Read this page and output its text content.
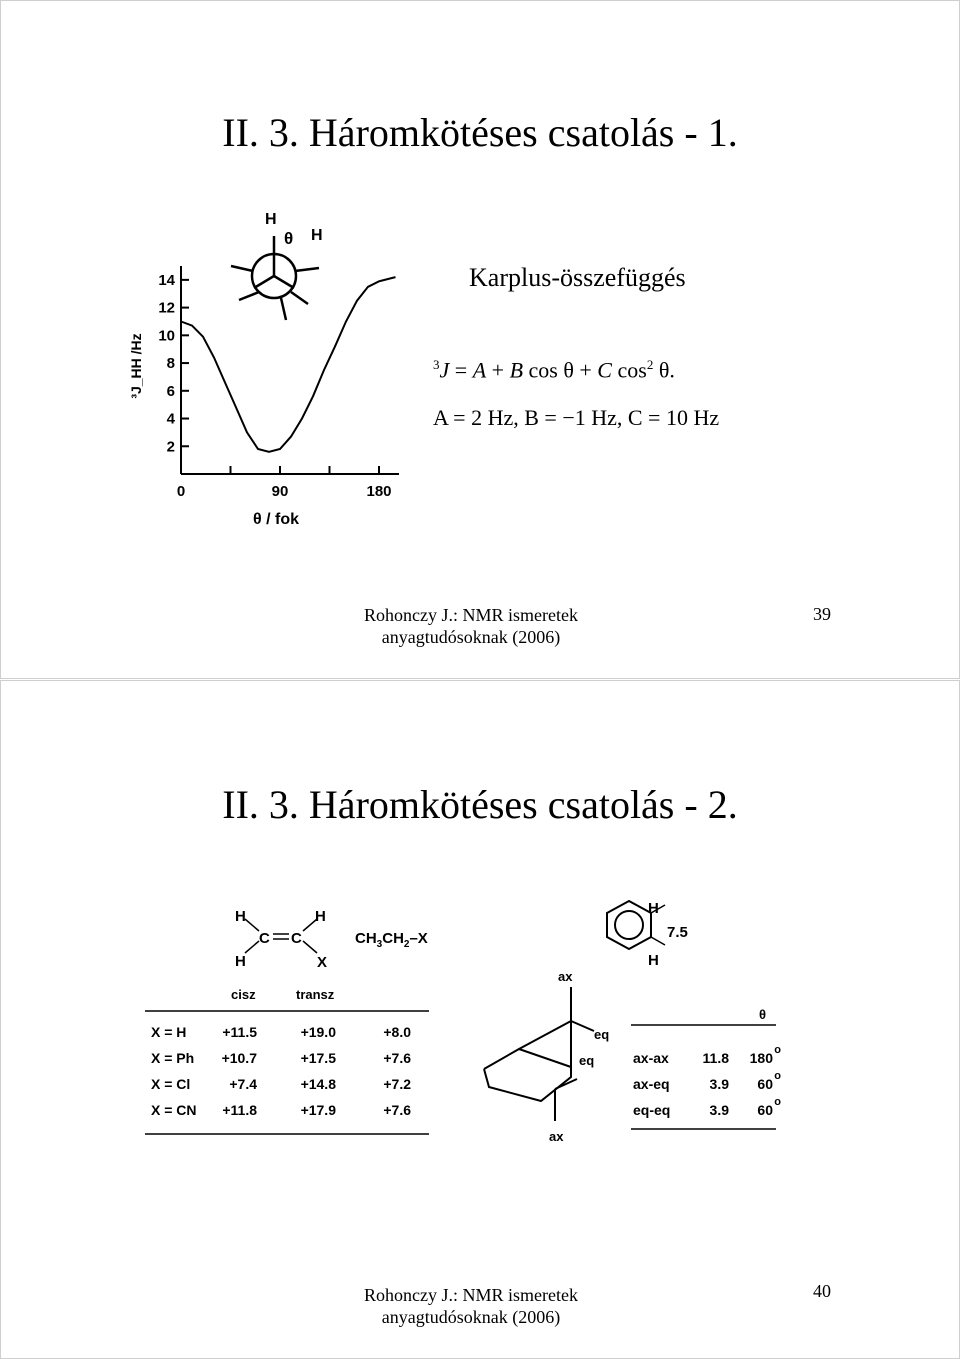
II. 3. Háromkötéses csatolás - 1.
H
θ H
2
4
6
8
10
12
14
0	90	180
³J_HH /Hz
θ / fok
Karplus-összefüggés
$^3$J = A + B cos θ + C $\cos^2 \theta$.
A = 2 Hz, B = −1 Hz, C = 10 Hz
Rohonczy J.: NMR ismeretek
anyagtudósoknak (2006)
39
II. 3. Háromkötéses csatolás - 2.
H	H
H
C C
X
$CH_3CH_2-X$
H
H
7.5
cisz	transz
X = H	+11.5	+19.0	+8.0
X = Ph +10.7	+17.5	+7.6
X = Cl	+7.4	+14.8	+7.2
X = CN +11.8	+17.9	+7.6
ax
eq
eq
ax
θ
ax-ax 11.8 180 o
ax-eq	3.9 60 o
eq-eq	3.9 60 o
Rohonczy J.: NMR ismeretek
anyagtudósoknak (2006)
40
